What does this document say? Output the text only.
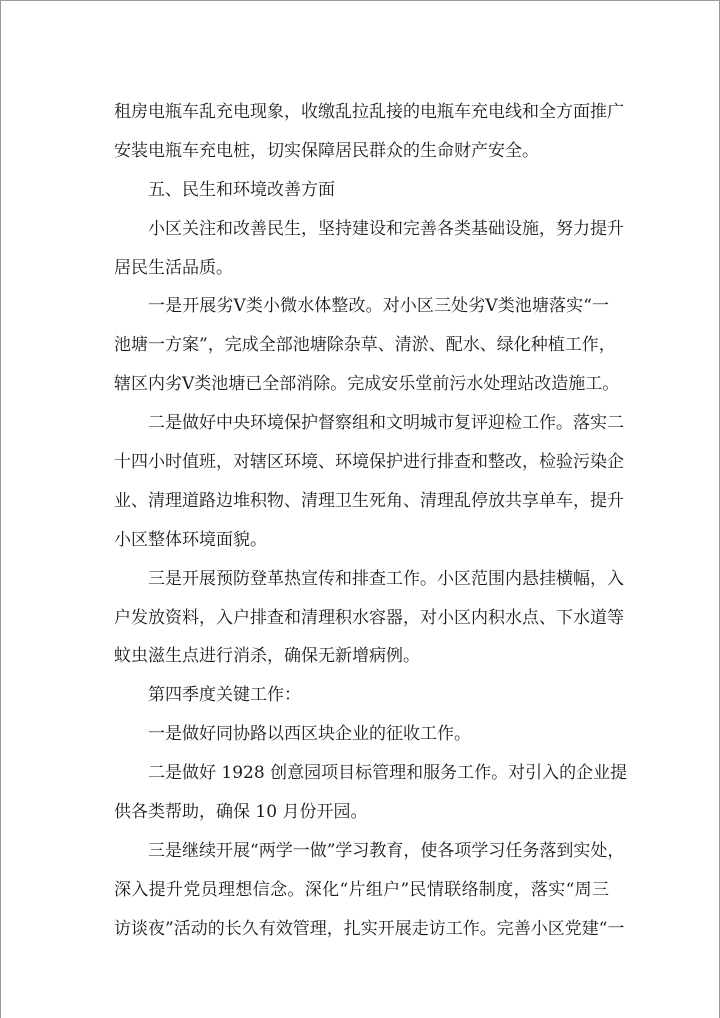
租房电瓶车乱充电现象，收缴乱拉乱接的电瓶车充电线和全方面推广
安装电瓶车充电桩，切实保障居民群众的生命财产安全。
五、民生和环境改善方面
小区关注和改善民生，坚持建设和完善各类基础设施，努力提升
居民生活品质。
一是开展劣Ⅴ类小微水体整改。对小区三处劣Ⅴ类池塘落实“一
池塘一方案”，完成全部池塘除杂草、清淤、配水、绿化种植工作，
辖区内劣Ⅴ类池塘已全部消除。完成安乐堂前污水处理站改造施工。
二是做好中央环境保护督察组和文明城市复评迎检工作。落实二
十四小时值班，对辖区环境、环境保护进行排查和整改，检验污染企
业、清理道路边堆积物、清理卫生死角、清理乱停放共享单车，提升
小区整体环境面貌。
三是开展预防登革热宣传和排查工作。小区范围内悬挂横幅，入
户发放资料，入户排查和清理积水容器，对小区内积水点、下水道等
蚊虫滋生点进行消杀，确保无新增病例。
第四季度关键工作：
一是做好同协路以西区块企业的征收工作。
二是做好 1928 创意园项目标管理和服务工作。对引入的企业提
供各类帮助，确保 10 月份开园。
三是继续开展“两学一做”学习教育，使各项学习任务落到实处，
深入提升党员理想信念。深化“片组户”民情联络制度，落实“周三
访谈夜”活动的长久有效管理，扎实开展走访工作。完善小区党建“一
